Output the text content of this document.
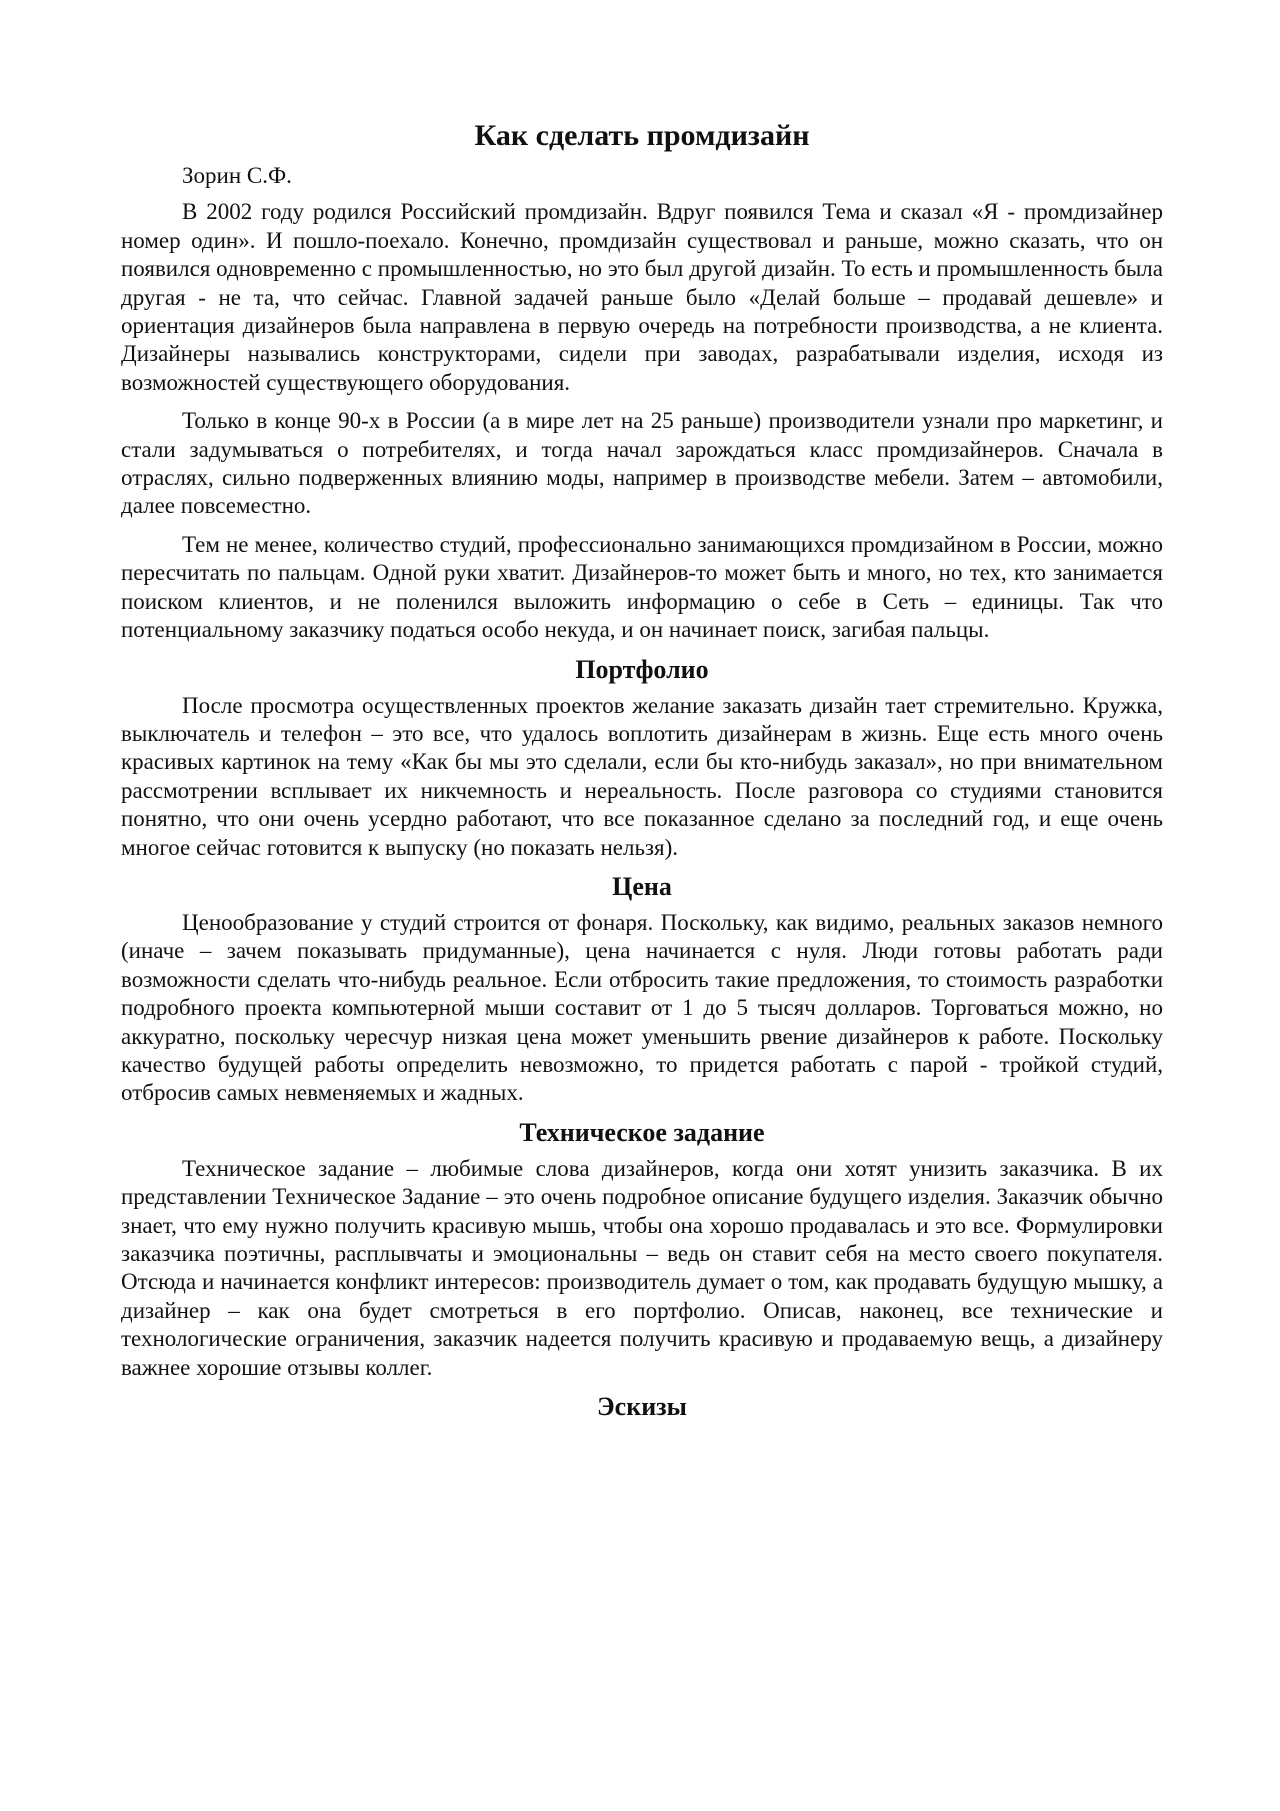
Как сделать промдизайн

Зорин С.Ф.

В 2002 году родился Российский промдизайн. Вдруг появился Тема и сказал «Я - промдизайнер номер один». И пошло-поехало. Конечно, промдизайн существовал и раньше, можно сказать, что он появился одновременно с промышленностью, но это был другой дизайн. То есть и промышленность была другая - не та, что сейчас. Главной задачей раньше было «Делай больше – продавай дешевле» и ориентация дизайнеров была направлена в первую очередь на потребности производства, а не клиента. Дизайнеры назывались конструкторами, сидели при заводах, разрабатывали изделия, исходя из возможностей существующего оборудования.

Только в конце 90-х в России (а в мире лет на 25 раньше) производители узнали про маркетинг, и стали задумываться о потребителях, и тогда начал зарождаться класс промдизайнеров. Сначала в отраслях, сильно подверженных влиянию моды, например в производстве мебели. Затем – автомобили, далее повсеместно.

Тем не менее, количество студий, профессионально занимающихся промдизайном в России, можно пересчитать по пальцам. Одной руки хватит. Дизайнеров-то может быть и много, но тех, кто занимается поиском клиентов, и не поленился выложить информацию о себе в Сеть – единицы. Так что потенциальному заказчику податься особо некуда, и он начинает поиск, загибая пальцы.

Портфолио

После просмотра осуществленных проектов желание заказать дизайн тает стремительно. Кружка, выключатель и телефон – это все, что удалось воплотить дизайнерам в жизнь. Еще есть много очень красивых картинок на тему «Как бы мы это сделали, если бы кто-нибудь заказал», но при внимательном рассмотрении всплывает их никчемность и нереальность. После разговора со студиями становится понятно, что они очень усердно работают, что все показанное сделано за последний год, и еще очень многое сейчас готовится к выпуску (но показать нельзя).

Цена

Ценообразование у студий строится от фонаря. Поскольку, как видимо, реальных заказов немного (иначе – зачем показывать придуманные), цена начинается с нуля. Люди готовы работать ради возможности сделать что-нибудь реальное. Если отбросить такие предложения, то стоимость разработки подробного проекта компьютерной мыши составит от 1 до 5 тысяч долларов. Торговаться можно, но аккуратно, поскольку чересчур низкая цена может уменьшить рвение дизайнеров к работе. Поскольку качество будущей работы определить невозможно, то придется работать с парой - тройкой студий, отбросив самых невменяемых и жадных.

Техническое задание

Техническое задание – любимые слова дизайнеров, когда они хотят унизить заказчика. В их представлении Техническое Задание – это очень подробное описание будущего изделия. Заказчик обычно знает, что ему нужно получить красивую мышь, чтобы она хорошо продавалась и это все. Формулировки заказчика поэтичны, расплывчаты и эмоциональны – ведь он ставит себя на место своего покупателя. Отсюда и начинается конфликт интересов: производитель думает о том, как продавать будущую мышку, а дизайнер – как она будет смотреться в его портфолио. Описав, наконец, все технические и технологические ограничения, заказчик надеется получить красивую и продаваемую вещь, а дизайнеру важнее хорошие отзывы коллег.

Эскизы
